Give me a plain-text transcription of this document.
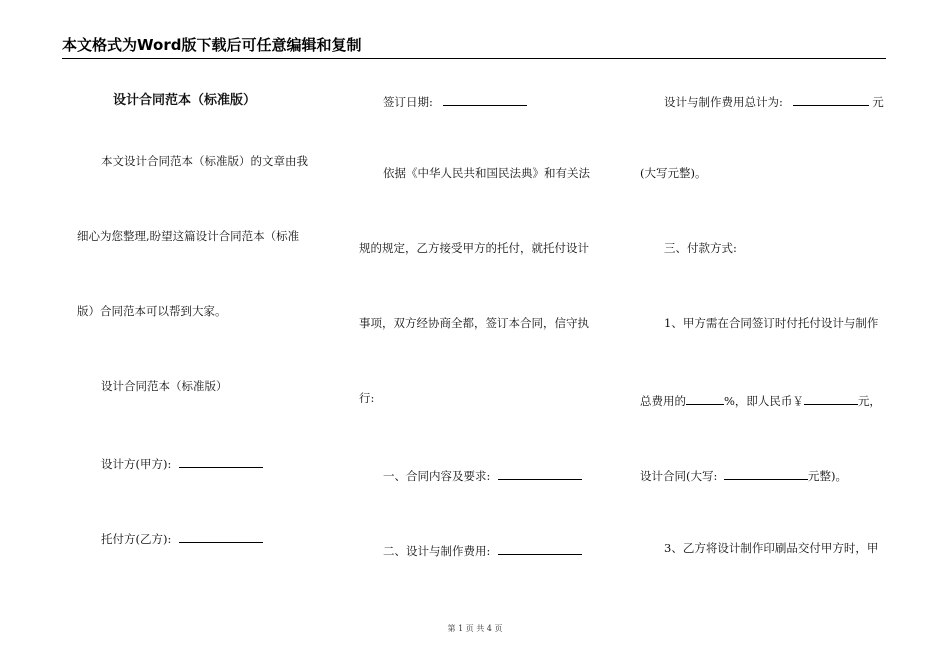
本文格式为Word版下载后可任意编辑和复制
设计合同范本（标准版）
本文设计合同范本（标准版）的文章由我
细心为您整理,盼望这篇设计合同范本（标准
版）合同范本可以帮到大家。
设计合同范本（标准版）
设计方(甲方):
托付方(乙方):
签订日期:
依据《中华人民共和国民法典》和有关法
规的规定，乙方接受甲方的托付，就托付设计
事项，双方经协商全都，签订本合同，信守执
行:
一、合同内容及要求:
二、设计与制作费用:
设计与制作费用总计为:	元
(大写元整)。
三、付款方式:
1、甲方需在合同签订时付托付设计与制作
总费用的	%，即人民币￥	元，
设计合同(大写:	元整)。
3、乙方将设计制作印刷品交付甲方时，甲
第 1 页 共 4 页
